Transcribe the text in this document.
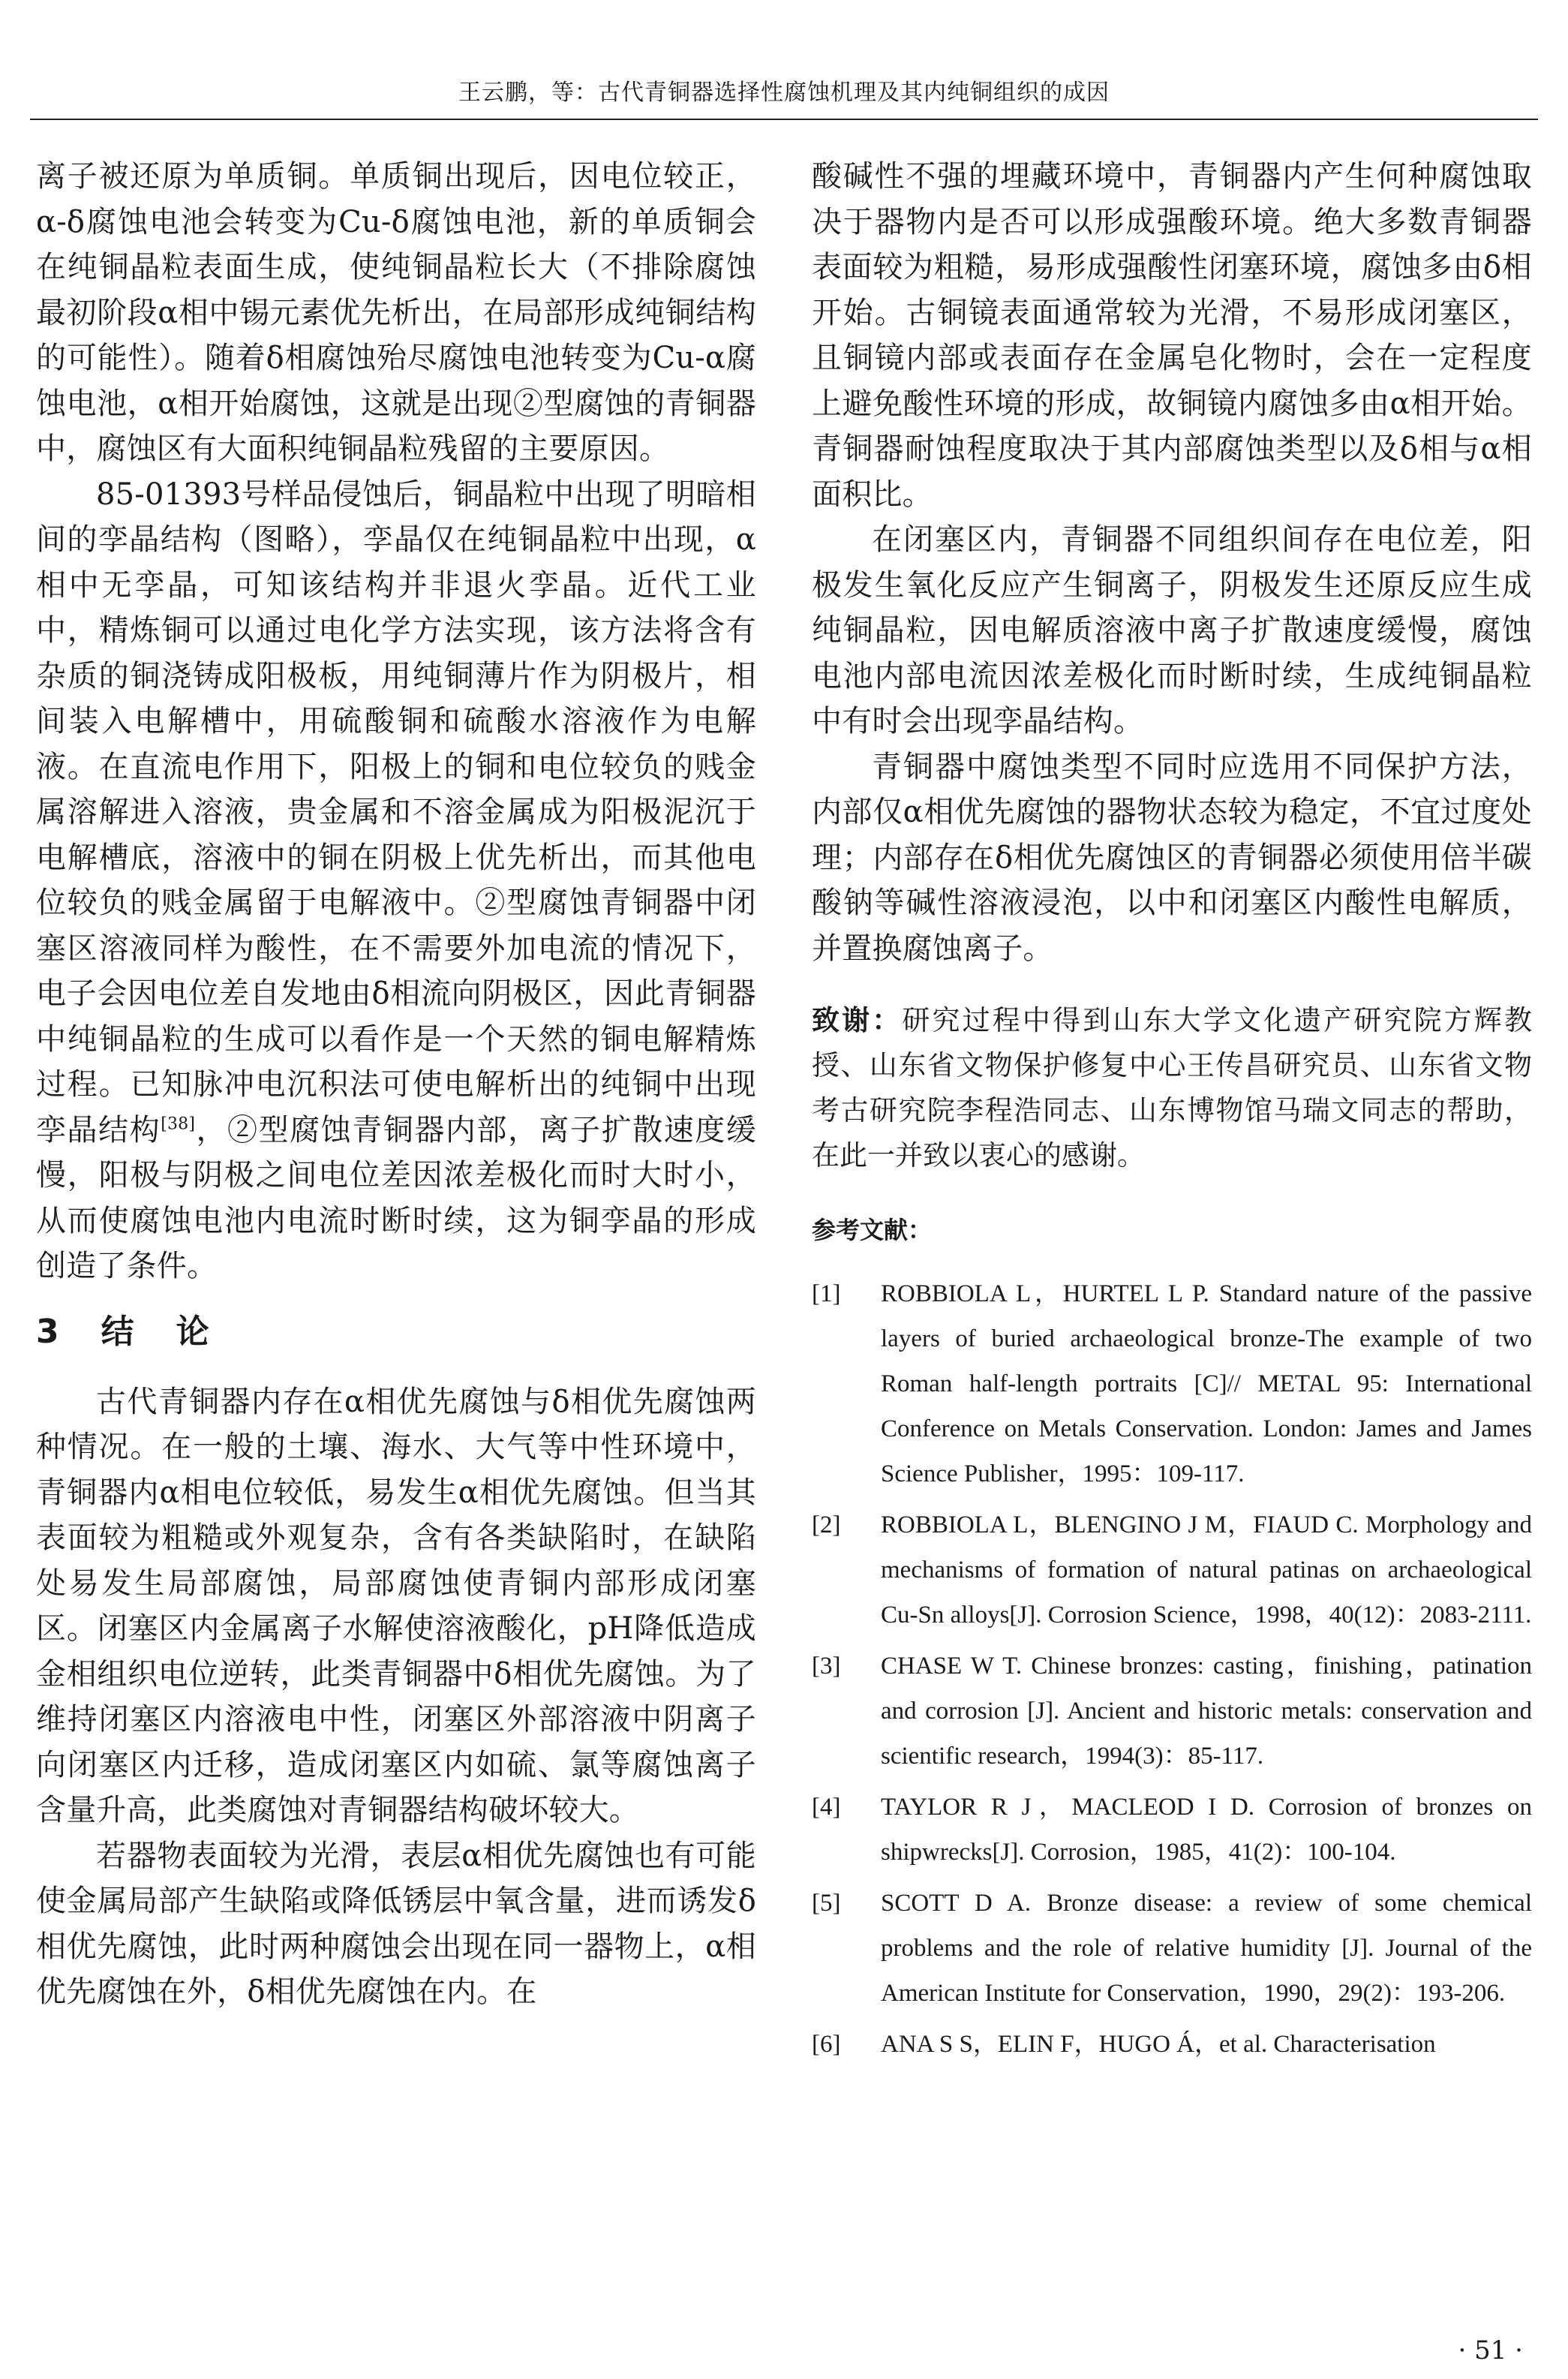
王云鹏，等：古代青铜器选择性腐蚀机理及其内纯铜组织的成因

离子被还原为单质铜。单质铜出现后，因电位较正，α-δ腐蚀电池会转变为Cu-δ腐蚀电池，新的单质铜会在纯铜晶粒表面生成，使纯铜晶粒长大（不排除腐蚀最初阶段α相中锡元素优先析出，在局部形成纯铜结构的可能性）。随着δ相腐蚀殆尽腐蚀电池转变为Cu-α腐蚀电池，α相开始腐蚀，这就是出现②型腐蚀的青铜器中，腐蚀区有大面积纯铜晶粒残留的主要原因。

85-01393号样品侵蚀后，铜晶粒中出现了明暗相间的孪晶结构（图略），孪晶仅在纯铜晶粒中出现，α相中无孪晶，可知该结构并非退火孪晶。近代工业中，精炼铜可以通过电化学方法实现，该方法将含有杂质的铜浇铸成阳极板，用纯铜薄片作为阴极片，相间装入电解槽中，用硫酸铜和硫酸水溶液作为电解液。在直流电作用下，阳极上的铜和电位较负的贱金属溶解进入溶液，贵金属和不溶金属成为阳极泥沉于电解槽底，溶液中的铜在阴极上优先析出，而其他电位较负的贱金属留于电解液中。②型腐蚀青铜器中闭塞区溶液同样为酸性，在不需要外加电流的情况下，电子会因电位差自发地由δ相流向阴极区，因此青铜器中纯铜晶粒的生成可以看作是一个天然的铜电解精炼过程。已知脉冲电沉积法可使电解析出的纯铜中出现孪晶结构[38]，②型腐蚀青铜器内部，离子扩散速度缓慢，阳极与阴极之间电位差因浓差极化而时大时小，从而使腐蚀电池内电流时断时续，这为铜孪晶的形成创造了条件。

3　结　论

古代青铜器内存在α相优先腐蚀与δ相优先腐蚀两种情况。在一般的土壤、海水、大气等中性环境中，青铜器内α相电位较低，易发生α相优先腐蚀。但当其表面较为粗糙或外观复杂，含有各类缺陷时，在缺陷处易发生局部腐蚀，局部腐蚀使青铜内部形成闭塞区。闭塞区内金属离子水解使溶液酸化，pH降低造成金相组织电位逆转，此类青铜器中δ相优先腐蚀。为了维持闭塞区内溶液电中性，闭塞区外部溶液中阴离子向闭塞区内迁移，造成闭塞区内如硫、氯等腐蚀离子含量升高，此类腐蚀对青铜器结构破坏较大。

若器物表面较为光滑，表层α相优先腐蚀也有可能使金属局部产生缺陷或降低锈层中氧含量，进而诱发δ相优先腐蚀，此时两种腐蚀会出现在同一器物上，α相优先腐蚀在外，δ相优先腐蚀在内。在

酸碱性不强的埋藏环境中，青铜器内产生何种腐蚀取决于器物内是否可以形成强酸环境。绝大多数青铜器表面较为粗糙，易形成强酸性闭塞环境，腐蚀多由δ相开始。古铜镜表面通常较为光滑，不易形成闭塞区，且铜镜内部或表面存在金属皂化物时，会在一定程度上避免酸性环境的形成，故铜镜内腐蚀多由α相开始。青铜器耐蚀程度取决于其内部腐蚀类型以及δ相与α相面积比。

在闭塞区内，青铜器不同组织间存在电位差，阳极发生氧化反应产生铜离子，阴极发生还原反应生成纯铜晶粒，因电解质溶液中离子扩散速度缓慢，腐蚀电池内部电流因浓差极化而时断时续，生成纯铜晶粒中有时会出现孪晶结构。

青铜器中腐蚀类型不同时应选用不同保护方法，内部仅α相优先腐蚀的器物状态较为稳定，不宜过度处理；内部存在δ相优先腐蚀区的青铜器必须使用倍半碳酸钠等碱性溶液浸泡，以中和闭塞区内酸性电解质，并置换腐蚀离子。

致谢：研究过程中得到山东大学文化遗产研究院方辉教授、山东省文物保护修复中心王传昌研究员、山东省文物考古研究院李程浩同志、山东博物馆马瑞文同志的帮助，在此一并致以衷心的感谢。

参考文献：
[1]	ROBBIOLA L，HURTEL L P. Standard nature of the passive layers of buried archaeological bronze-The example of two Roman half-length portraits [C]// METAL 95: International Conference on Metals Conservation. London: James and James Science Publisher，1995：109-117.
[2]	ROBBIOLA L，BLENGINO J M，FIAUD C. Morphology and mechanisms of formation of natural patinas on archaeological Cu-Sn alloys[J]. Corrosion Science，1998，40(12)：2083-2111.
[3]	CHASE W T. Chinese bronzes: casting，finishing，patination and corrosion [J]. Ancient and historic metals: conservation and scientific research，1994(3)：85-117.
[4]	TAYLOR R J，MACLEOD I D. Corrosion of bronzes on shipwrecks[J]. Corrosion，1985，41(2)：100-104.
[5]	SCOTT D A. Bronze disease: a review of some chemical problems and the role of relative humidity [J]. Journal of the American Institute for Conservation，1990，29(2)：193-206.
[6]	ANA S S，ELIN F，HUGO Á，et al. Characterisation
· 51 ·
